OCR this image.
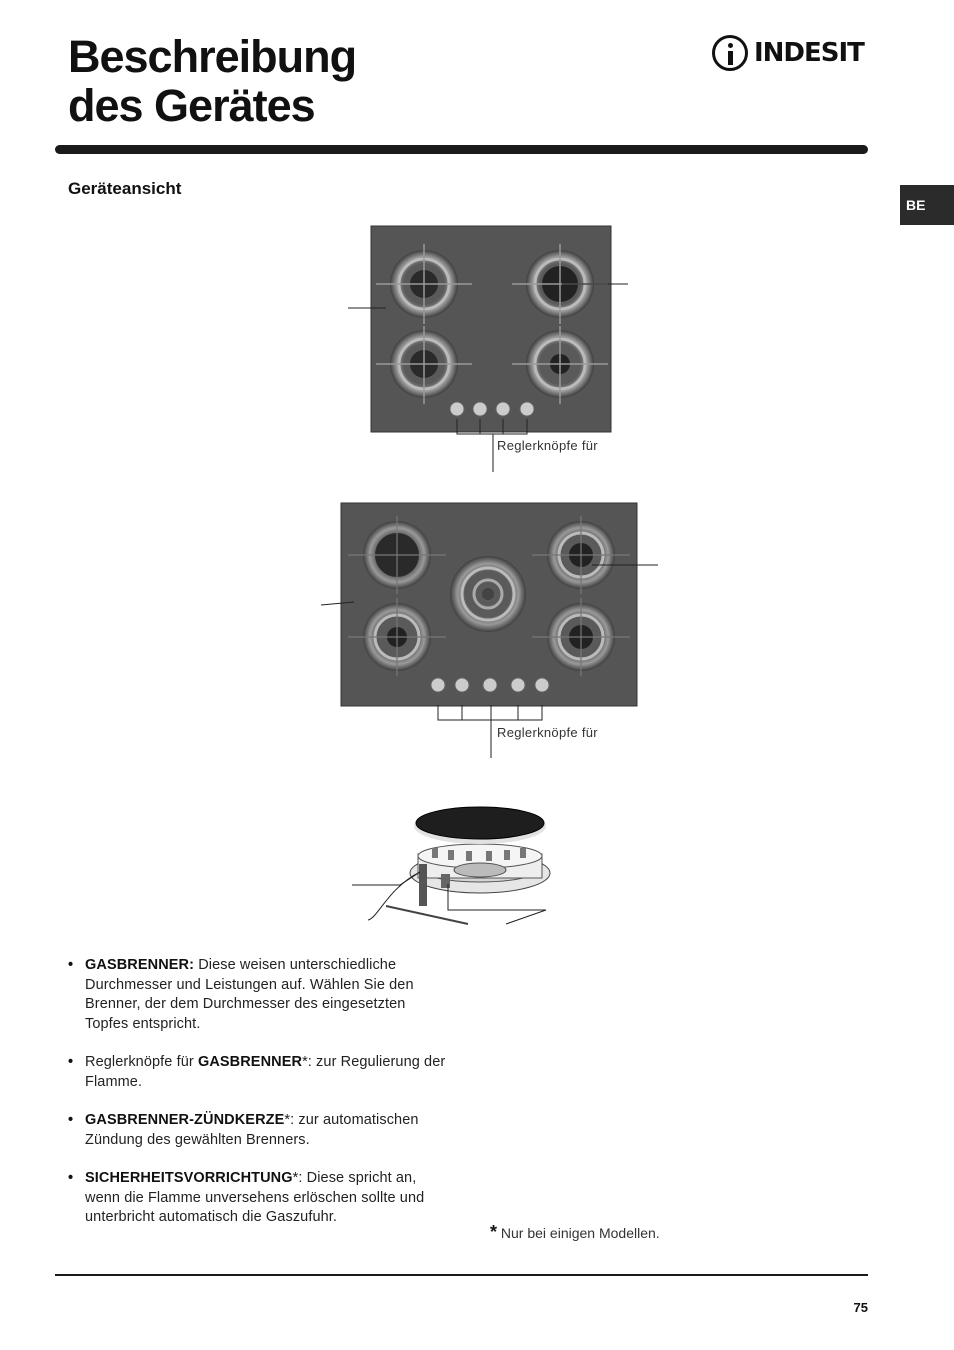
Beschreibung
des Gerätes
INDESIT
Geräteansicht
BE
Reglerknöpfe für
Reglerknöpfe für
• GASBRENNER: Diese weisen unterschiedliche Durchmesser und Leistungen auf. Wählen Sie den Brenner, der dem Durchmesser des eingesetzten Topfes entspricht.
• Reglerknöpfe für GASBRENNER*: zur Regulierung der Flamme.
• GASBRENNER-ZÜNDKERZE*: zur automatischen Zündung des gewählten Brenners.
• SICHERHEITSVORRICHTUNG*: Diese spricht an, wenn die Flamme unversehens erlöschen sollte und unterbricht automatisch die Gaszufuhr.
* Nur bei einigen Modellen.
75
